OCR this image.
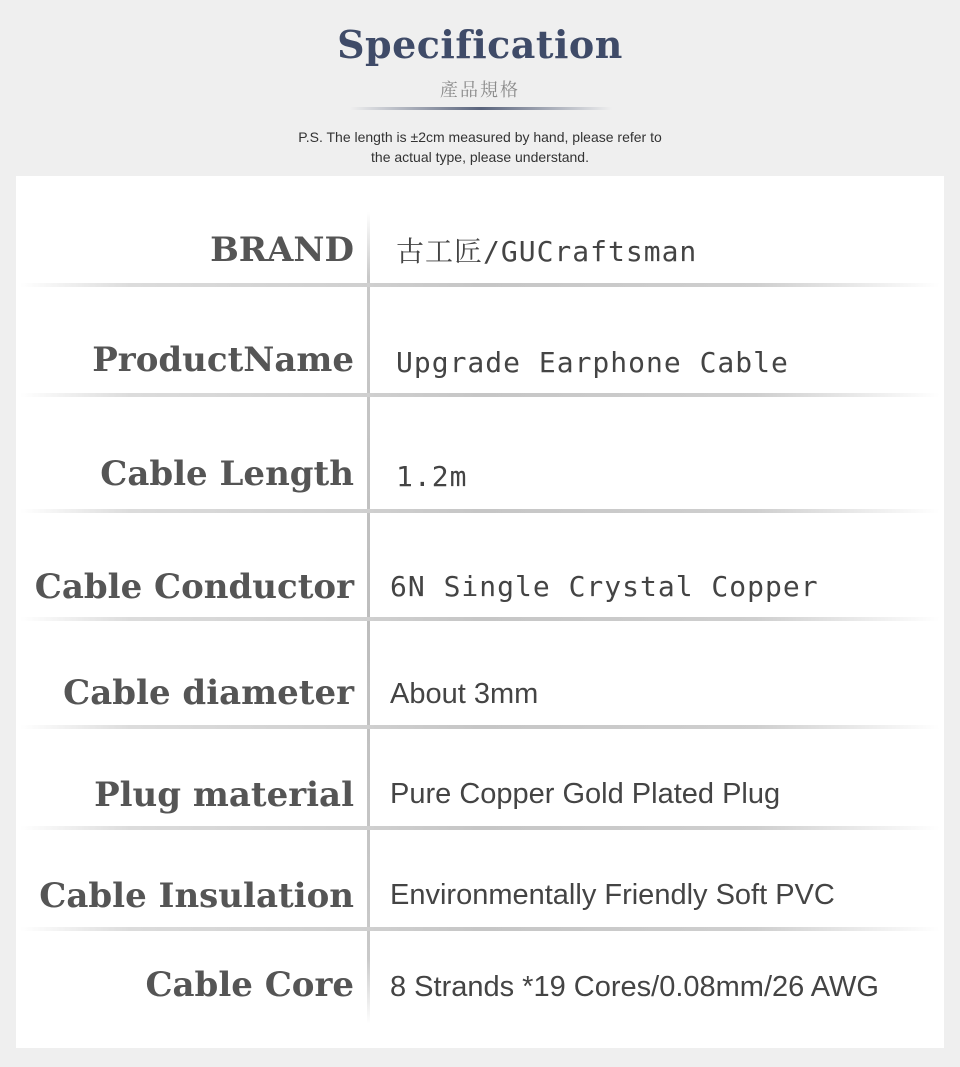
Specification
產品規格
P.S. The length is ±2cm measured by hand, please refer to
the actual type, please understand.
BRAND 古工匠/GUCraftsman
ProductName Upgrade Earphone Cable
Cable Length 1.2m
Cable Conductor 6N Single Crystal Copper
Cable diameter About 3mm
Plug material Pure Copper Gold Plated Plug
Cable Insulation Environmentally Friendly Soft PVC
Cable Core 8 Strands *19 Cores/0.08mm/26 AWG
